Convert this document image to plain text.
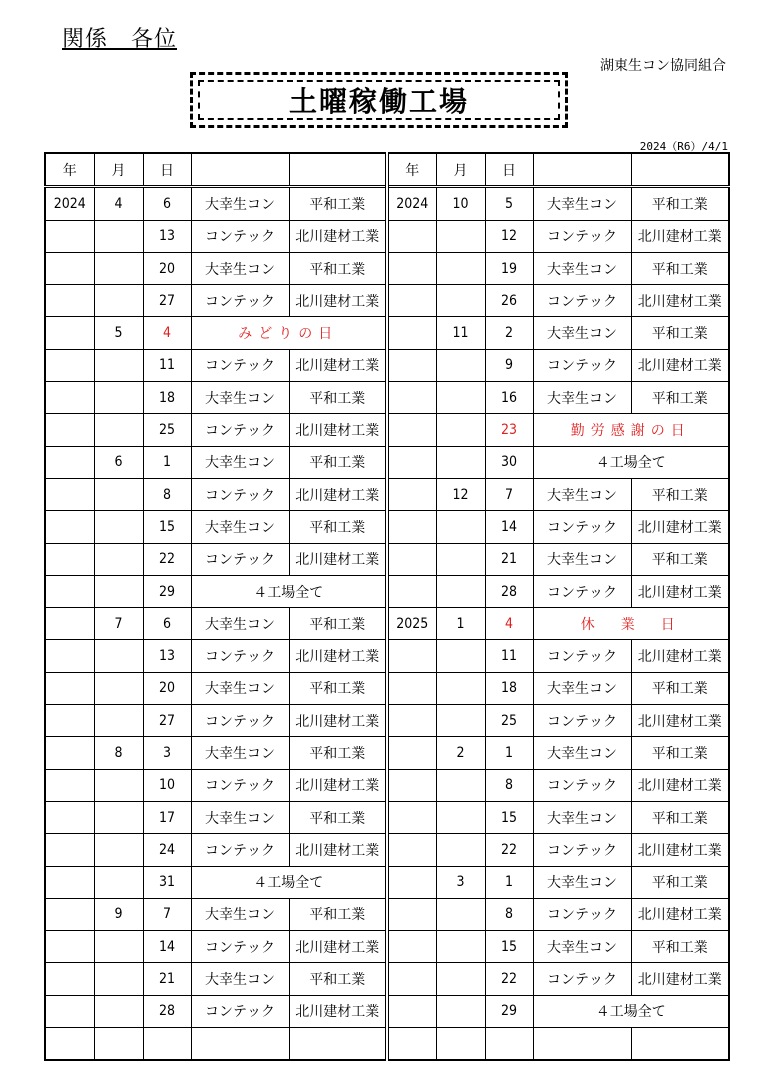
関係　各位
湖東生コン協同組合
土曜稼働工場
2024（R6）/4/1
年	月	日			年	月	日		
2024	4	6	大幸生コン	平和工業	2024	10	5	大幸生コン	平和工業
		13	コンテック	北川建材工業			12	コンテック	北川建材工業
		20	大幸生コン	平和工業			19	大幸生コン	平和工業
		27	コンテック	北川建材工業			26	コンテック	北川建材工業
	5	4	みどりの日			11	2	大幸生コン	平和工業
		11	コンテック	北川建材工業			9	コンテック	北川建材工業
		18	大幸生コン	平和工業			16	大幸生コン	平和工業
		25	コンテック	北川建材工業			23	勤労感謝の日	
	6	1	大幸生コン	平和工業			30	４工場全て	
		8	コンテック	北川建材工業		12	7	大幸生コン	平和工業
		15	大幸生コン	平和工業			14	コンテック	北川建材工業
		22	コンテック	北川建材工業			21	大幸生コン	平和工業
		29	４工場全て				28	コンテック	北川建材工業
	7	6	大幸生コン	平和工業	2025	1	4	休　業　日	
		13	コンテック	北川建材工業			11	コンテック	北川建材工業
		20	大幸生コン	平和工業			18	大幸生コン	平和工業
		27	コンテック	北川建材工業			25	コンテック	北川建材工業
	8	3	大幸生コン	平和工業		2	1	大幸生コン	平和工業
		10	コンテック	北川建材工業			8	コンテック	北川建材工業
		17	大幸生コン	平和工業			15	大幸生コン	平和工業
		24	コンテック	北川建材工業			22	コンテック	北川建材工業
		31	４工場全て			3	1	大幸生コン	平和工業
	9	7	大幸生コン	平和工業			8	コンテック	北川建材工業
		14	コンテック	北川建材工業			15	大幸生コン	平和工業
		21	大幸生コン	平和工業			22	コンテック	北川建材工業
		28	コンテック	北川建材工業			29	４工場全て	
